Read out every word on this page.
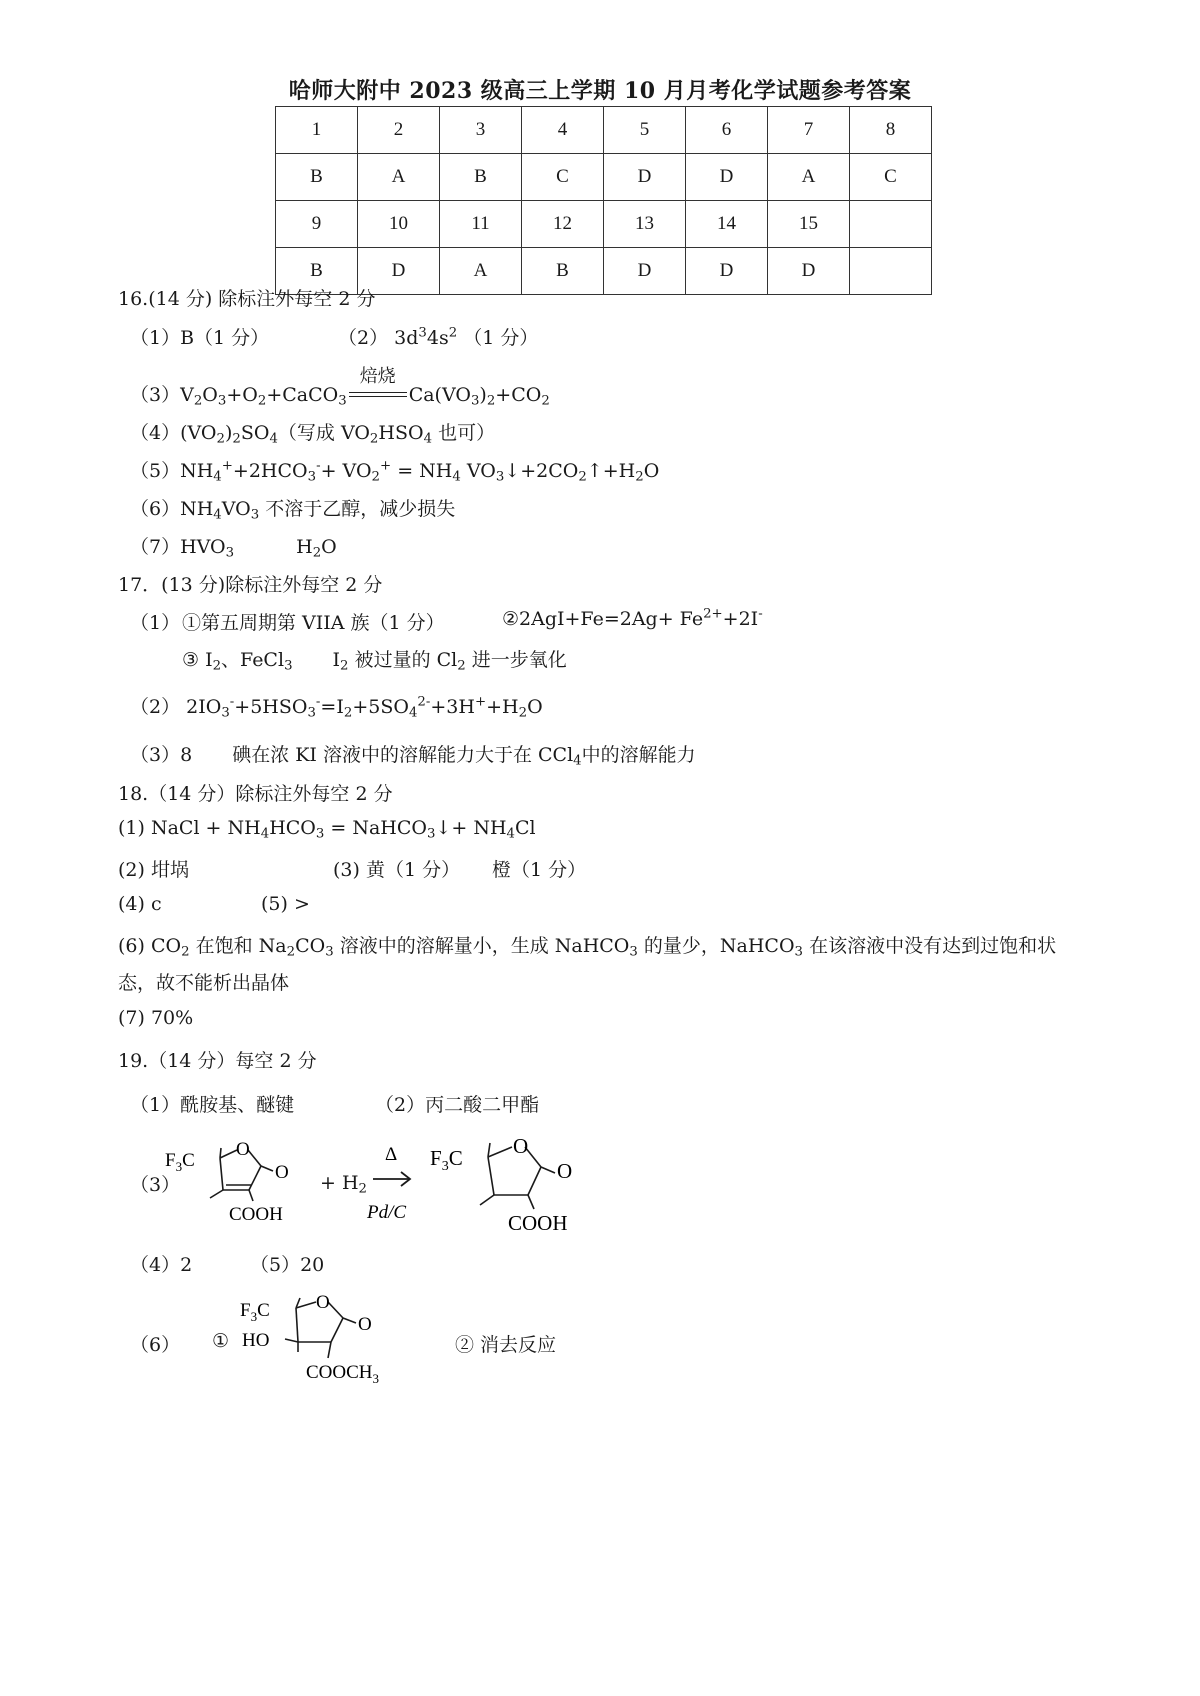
哈师大附中 2023 级高三上学期 10 月月考化学试题参考答案
1	2	3	4	5	6	7	8
B	A	B	C	D	D	A	C
9	10	11	12	13	14	15	
B	D	A	B	D	D	D	
16.(14 分) 除标注外每空 2 分
（1）B（1 分）	（2） $3d^34s^2$ （1 分）
$(3)V_2O_3+O_2+CaCO_3$
焙烧
$Ca(VO_3)_2+CO_2$
$(4)(VO_2)_2SO_4$（写成 $VO_2HSO_4$ 也可）
$(5)NH_4^++2HCO_3^-+ VO_2^+ = NH_4$ $VO_3↓+2CO_2↑+H_2O$
$(6)NH_4VO_3$ 不溶于乙醇，减少损失
$(7)HVO_3$	$H_2O$
17．(13 分)除标注外每空 2 分
（1） ①第五周期第 VIIA 族（1 分）	②2AgI+Fe=2Ag+ $Fe^{2+}+2I^-$
③ $I_2$、FeCl$_3$ $I_2$ 被过量的 $Cl_2$ 进一步氧化
（2） $2IO_3^-+5HSO_3^-=I_2+5SO_4^{2-}+3H^++H_2O$
（3）8 碘在浓 KI 溶液中的溶解能力大于在 CCl$_4$中的溶解能力
18.（14 分）除标注外每空 2 分
(1) NaCl + $NH_4HCO_3$ = NaHCO$_3$↓+ $NH_4Cl$
(2) 坩埚	(3) 黄（1 分） 橙（1 分）
(4) c	(5) >
(6) $CO_2$ 在饱和 $Na_2CO_3$ 溶液中的溶解量小，生成 NaHCO$_3$ 的量少，NaHCO$_3$ 在该溶液中没有达到过饱和状
态，故不能析出晶体
(7) 70%
19.（14 分）每空 2 分
（1）酰胺基、醚键	（2）丙二酸二甲酯
（3）
$F_3C$
O
O
COOH
+ $H_2$
Δ
Pd/C
$F_3C$ O
O
COOH
（4）2	（5）20
（6） ①
$F_3C$ O
O
HO
$COOCH_3$
② 消去反应
